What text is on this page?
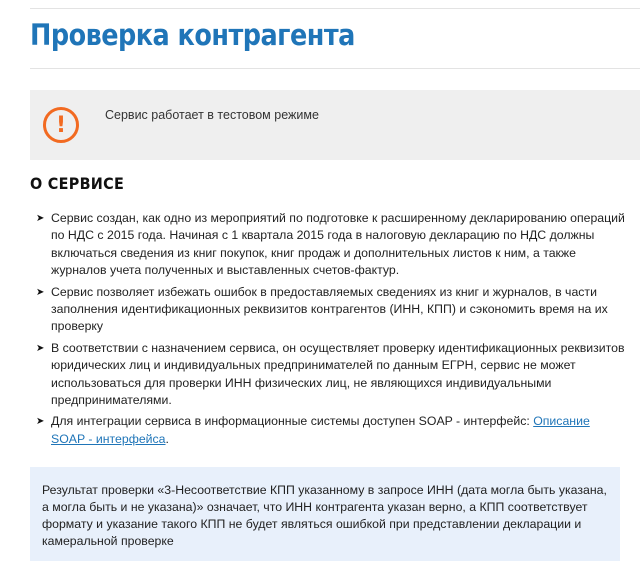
Проверка контрагента
!	Сервис работает в тестовом режиме
О СЕРВИСЕ
➤ Сервис создан, как одно из мероприятий по подготовке к расширенному декларированию операций по НДС с 2015 года. Начиная с 1 квартала 2015 года в налоговую декларацию по НДС должны включаться сведения из книг покупок, книг продаж и дополнительных листов к ним, а также журналов учета полученных и выставленных счетов-фактур.
➤ Сервис позволяет избежать ошибок в предоставляемых сведениях из книг и журналов, в части заполнения идентификационных реквизитов контрагентов (ИНН, КПП) и сэкономить время на их проверку
➤ В соответствии с назначением сервиса, он осуществляет проверку идентификационных реквизитов юридических лиц и индивидуальных предпринимателей по данным ЕГРН, сервис не может использоваться для проверки ИНН физических лиц, не являющихся индивидуальными предпринимателями.
➤ Для интеграции сервиса в информационные системы доступен SOAP - интерфейс: Описание SOAP - интерфейса.
Результат проверки «3-Несоответствие КПП указанному в запросе ИНН (дата могла быть указана, а могла быть и не указана)» означает, что ИНН контрагента указан верно, а КПП соответствует формату и указание такого КПП не будет являться ошибкой при представлении декларации и камеральной проверке
